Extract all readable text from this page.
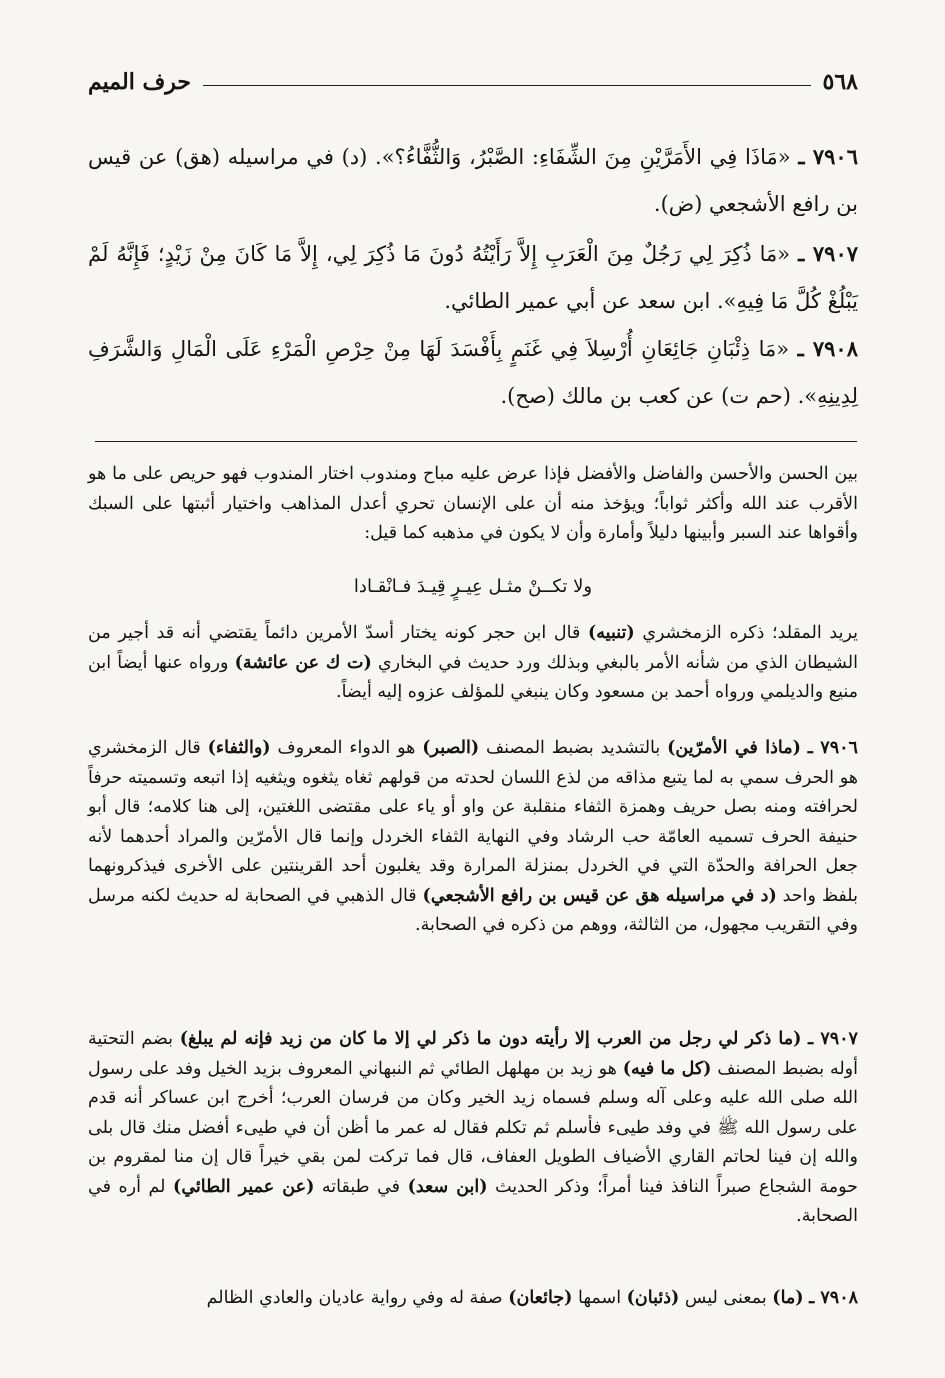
٥٦٨
حرف الميم
٧٩٠٦ ـ «مَاذَا فِي الأَمَرَّيْنِ مِنَ الشِّفَاءِ: الصَّبْرُ، وَالثُّفَّاءُ؟». (د) في مراسيله (هق) عن قيس بن رافع الأشجعي (ض).
٧٩٠٧ ـ «مَا ذُكِرَ لِي رَجُلٌ مِنَ الْعَرَبِ إِلاَّ رَأَيْتُهُ دُونَ مَا ذُكِرَ لِي، إِلاَّ مَا كَانَ مِنْ زَيْدٍ؛ فَإِنَّهُ لَمْ يَبْلُغْ كُلَّ مَا فِيهِ». ابن سعد عن أبي عمير الطائي.
٧٩٠٨ ـ «مَا ذِئْبَانِ جَائِعَانِ أُرْسِلاَ فِي غَنَمٍ بِأَفْسَدَ لَهَا مِنْ حِرْصِ الْمَرْءِ عَلَى الْمَالِ وَالشَّرَفِ لِدِينِهِ». (حم ت) عن كعب بن مالك (صح).
بين الحسن والأحسن والفاضل والأفضل فإذا عرض عليه مباح ومندوب اختار المندوب فهو حريص على ما هو الأقرب عند الله وأكثر ثواباً؛ ويؤخذ منه أن على الإنسان تحري أعدل المذاهب واختيار أثبتها على السبك وأقواها عند السبر وأبينها دليلاً وأمارة وأن لا يكون في مذهبه كما قيل:
ولا تكــنْ مثـل عِيـرٍ قِيـدَ فـانْقـادا
يريد المقلد؛ ذكره الزمخشري (تنبيه) قال ابن حجر كونه يختار أسدّ الأمرين دائماً يقتضي أنه قد أجير من الشيطان الذي من شأنه الأمر بالبغي وبذلك ورد حديث في البخاري (ت ك عن عائشة) ورواه عنها أيضاً ابن منيع والديلمي ورواه أحمد بن مسعود وكان ينبغي للمؤلف عزوه إليه أيضاً.
٧٩٠٦ ـ (ماذا في الأمرّين) بالتشديد بضبط المصنف (الصبر) هو الدواء المعروف (والثفاء) قال الزمخشري هو الحرف سمي به لما يتبع مذاقه من لذع اللسان لحدته من قولهم ثغاه يثغوه ويثغيه إذا اتبعه وتسميته حرفاً لحرافته ومنه بصل حريف وهمزة الثفاء منقلبة عن واو أو ياء على مقتضى اللغتين، إلى هنا كلامه؛ قال أبو حنيفة الحرف تسميه العامّة حب الرشاد وفي النهاية الثفاء الخردل وإنما قال الأمرّين والمراد أحدهما لأنه جعل الحرافة والحدّة التي في الخردل بمنزلة المرارة وقد يغلبون أحد القرينتين على الأخرى فيذكرونهما بلفظ واحد (د في مراسيله هق عن قيس بن رافع الأشجعي) قال الذهبي في الصحابة له حديث لكنه مرسل وفي التقريب مجهول، من الثالثة، ووهم من ذكره في الصحابة.
٧٩٠٧ ـ (ما ذكر لي رجل من العرب إلا رأيته دون ما ذكر لي إلا ما كان من زيد فإنه لم يبلغ) بضم التحتية أوله بضبط المصنف (كل ما فيه) هو زيد بن مهلهل الطائي ثم النبهاني المعروف بزيد الخيل وفد على رسول الله صلى الله عليه وعلى آله وسلم فسماه زيد الخير وكان من فرسان العرب؛ أخرج ابن عساكر أنه قدم على رسول الله ﷺ في وفد طيىء فأسلم ثم تكلم فقال له عمر ما أظن أن في طيىء أفضل منك قال بلى والله إن فينا لحاتم القاري الأضياف الطويل العفاف، قال فما تركت لمن بقي خيراً قال إن منا لمقروم بن حومة الشجاع صبراً النافذ فينا أمراً؛ وذكر الحديث (ابن سعد) في طبقاته (عن عمير الطائي) لم أره في الصحابة.
٧٩٠٨ ـ (ما) بمعنى ليس (ذئبان) اسمها (جائعان) صفة له وفي رواية عاديان والعادي الظالم
